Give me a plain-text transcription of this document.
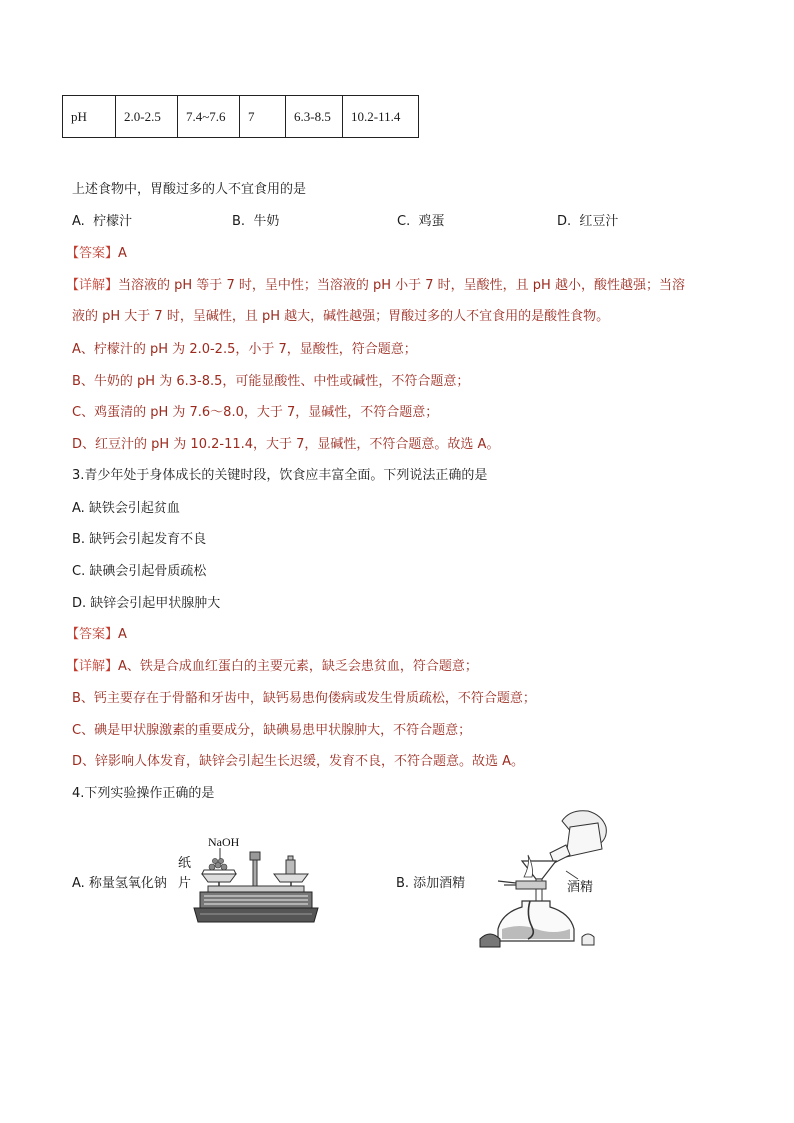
pH	2.0-2.5	7.4~7.6	7	6.3-8.5	10.2-11.4
上述食物中，胃酸过多的人不宜食用的是
A. 柠檬汁	B. 牛奶	C. 鸡蛋	D. 红豆汁
【答案】A
【详解】当溶液的 pH 等于 7 时，呈中性；当溶液的 pH 小于 7 时，呈酸性，且 pH 越小，酸性越强；当溶
液的 pH 大于 7 时，呈碱性，且 pH 越大，碱性越强；胃酸过多的人不宜食用的是酸性食物。
A、柠檬汁的 pH 为 2.0-2.5，小于 7，显酸性，符合题意；
B、牛奶的 pH 为 6.3-8.5，可能显酸性、中性或碱性，不符合题意；
C、鸡蛋清的 pH 为 7.6～8.0，大于 7，显碱性，不符合题意；
D、红豆汁的 pH 为 10.2-11.4，大于 7，显碱性，不符合题意。故选 A。
3.青少年处于身体成长的关键时段，饮食应丰富全面。下列说法正确的是
A. 缺铁会引起贫血
B. 缺钙会引起发育不良
C. 缺碘会引起骨质疏松
D. 缺锌会引起甲状腺肿大
【答案】A
【详解】A、铁是合成血红蛋白的主要元素，缺乏会患贫血，符合题意；
B、钙主要存在于骨骼和牙齿中，缺钙易患佝偻病或发生骨质疏松，不符合题意；
C、碘是甲状腺激素的重要成分，缺碘易患甲状腺肿大，不符合题意；
D、锌影响人体发育，缺锌会引起生长迟缓，发育不良，不符合题意。故选 A。
4.下列实验操作正确的是
A. 称量氢氧化钠
NaOH
纸
片	B. 添加酒精	酒精
